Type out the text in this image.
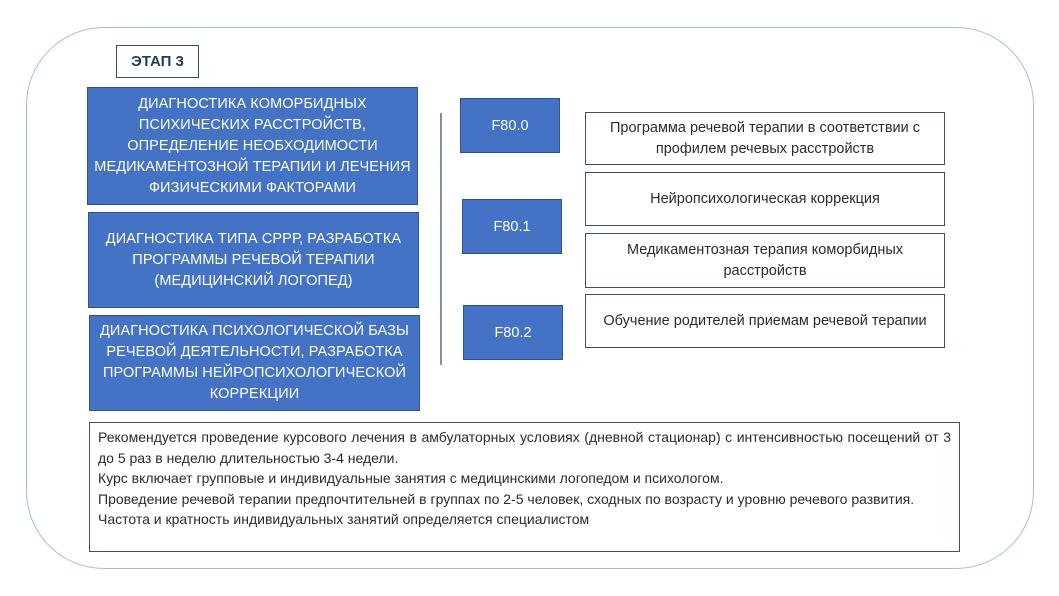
ЭТАП 3
ДИАГНОСТИКА КОМОРБИДНЫХ ПСИХИЧЕСКИХ РАССТРОЙСТВ, ОПРЕДЕЛЕНИЕ НЕОБХОДИМОСТИ МЕДИКАМЕНТОЗНОЙ ТЕРАПИИ И ЛЕЧЕНИЯ ФИЗИЧЕСКИМИ ФАКТОРАМИ
ДИАГНОСТИКА ТИПА СРРР, РАЗРАБОТКА ПРОГРАММЫ РЕЧЕВОЙ ТЕРАПИИ (МЕДИЦИНСКИЙ ЛОГОПЕД)
ДИАГНОСТИКА ПСИХОЛОГИЧЕСКОЙ БАЗЫ РЕЧЕВОЙ ДЕЯТЕЛЬНОСТИ, РАЗРАБОТКА ПРОГРАММЫ НЕЙРОПСИХОЛОГИЧЕСКОЙ КОРРЕКЦИИ
F80.0
F80.1
F80.2
Программа речевой терапии в соответствии с профилем речевых расстройств
Нейропсихологическая коррекция
Медикаментозная терапия коморбидных расстройств
Обучение родителей приемам речевой терапии

Рекомендуется проведение курсового лечения в амбулаторных условиях (дневной стационар) с интенсивностью посещений от 3 до 5 раз в неделю длительностью 3-4 недели.

Курс включает групповые и индивидуальные занятия с медицинскими логопедом и психологом.

Проведение речевой терапии предпочтительней в группах по 2-5 человек, сходных по возрасту и уровню речевого развития.

Частота и кратность индивидуальных занятий определяется специалистом
